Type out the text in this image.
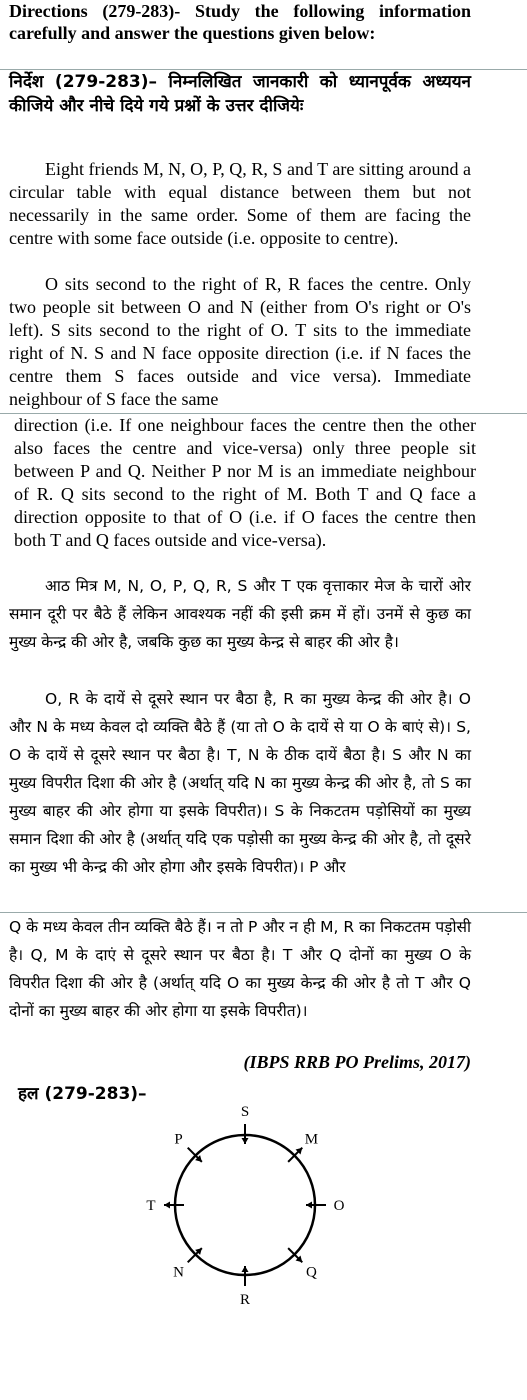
Directions (279-283)- Study the following information carefully and answer the questions given below:
निर्देश (279-283)– निम्नलिखित जानकारी को ध्यानपूर्वक अध्ययन कीजिये और नीचे दिये गये प्रश्नों के उत्तर दीजियेः

Eight friends M, N, O, P, Q, R, S and T are sitting around a circular table with equal distance between them but not necessarily in the same order. Some of them are facing the centre with some face outside (i.e. opposite to centre).

O sits second to the right of R, R faces the centre. Only two people sit between O and N (either from O's right or O's left). S sits second to the right of O. T sits to the immediate right of N. S and N face opposite direction (i.e. if N faces the centre them S faces outside and vice versa). Immediate neighbour of S face the same

direction (i.e. If one neighbour faces the centre then the other also faces the centre and vice-versa) only three people sit between P and Q. Neither P nor M is an immediate neighbour of R. Q sits second to the right of M. Both T and Q face a direction opposite to that of O (i.e. if O faces the centre then both T and Q faces outside and vice-versa).

आठ मित्र M, N, O, P, Q, R, S और T एक वृत्ताकार मेज के चारों ओर समान दूरी पर बैठे हैं लेकिन आवश्यक नहीं की इसी क्रम में हों। उनमें से कुछ का मुख्य केन्द्र की ओर है, जबकि कुछ का मुख्य केन्द्र से बाहर की ओर है।

O, R के दायें से दूसरे स्थान पर बैठा है, R का मुख्य केन्द्र की ओर है। O और N के मध्य केवल दो व्यक्ति बैठे हैं (या तो O के दायें से या O के बाएं से)। S, O के दायें से दूसरे स्थान पर बैठा है। T, N के ठीक दायें बैठा है। S और N का मुख्य विपरीत दिशा की ओर है (अर्थात् यदि N का मुख्य केन्द्र की ओर है, तो S का मुख्य बाहर की ओर होगा या इसके विपरीत)। S के निकटतम पड़ोसियों का मुख्य समान दिशा की ओर है (अर्थात् यदि एक पड़ोसी का मुख्य केन्द्र की ओर है, तो दूसरे का मुख्य भी केन्द्र की ओर होगा और इसके विपरीत)। P और

Q के मध्य केवल तीन व्यक्ति बैठे हैं। न तो P और न ही M, R का निकटतम पड़ोसी है। Q, M के दाएं से दूसरे स्थान पर बैठा है। T और Q दोनों का मुख्य O के विपरीत दिशा की ओर है (अर्थात् यदि O का मुख्य केन्द्र की ओर है तो T और Q दोनों का मुख्य बाहर की ओर होगा या इसके विपरीत)।

(IBPS RRB PO Prelims, 2017)
हल (279-283)–
S
M
O
Q
R
N
T
P
